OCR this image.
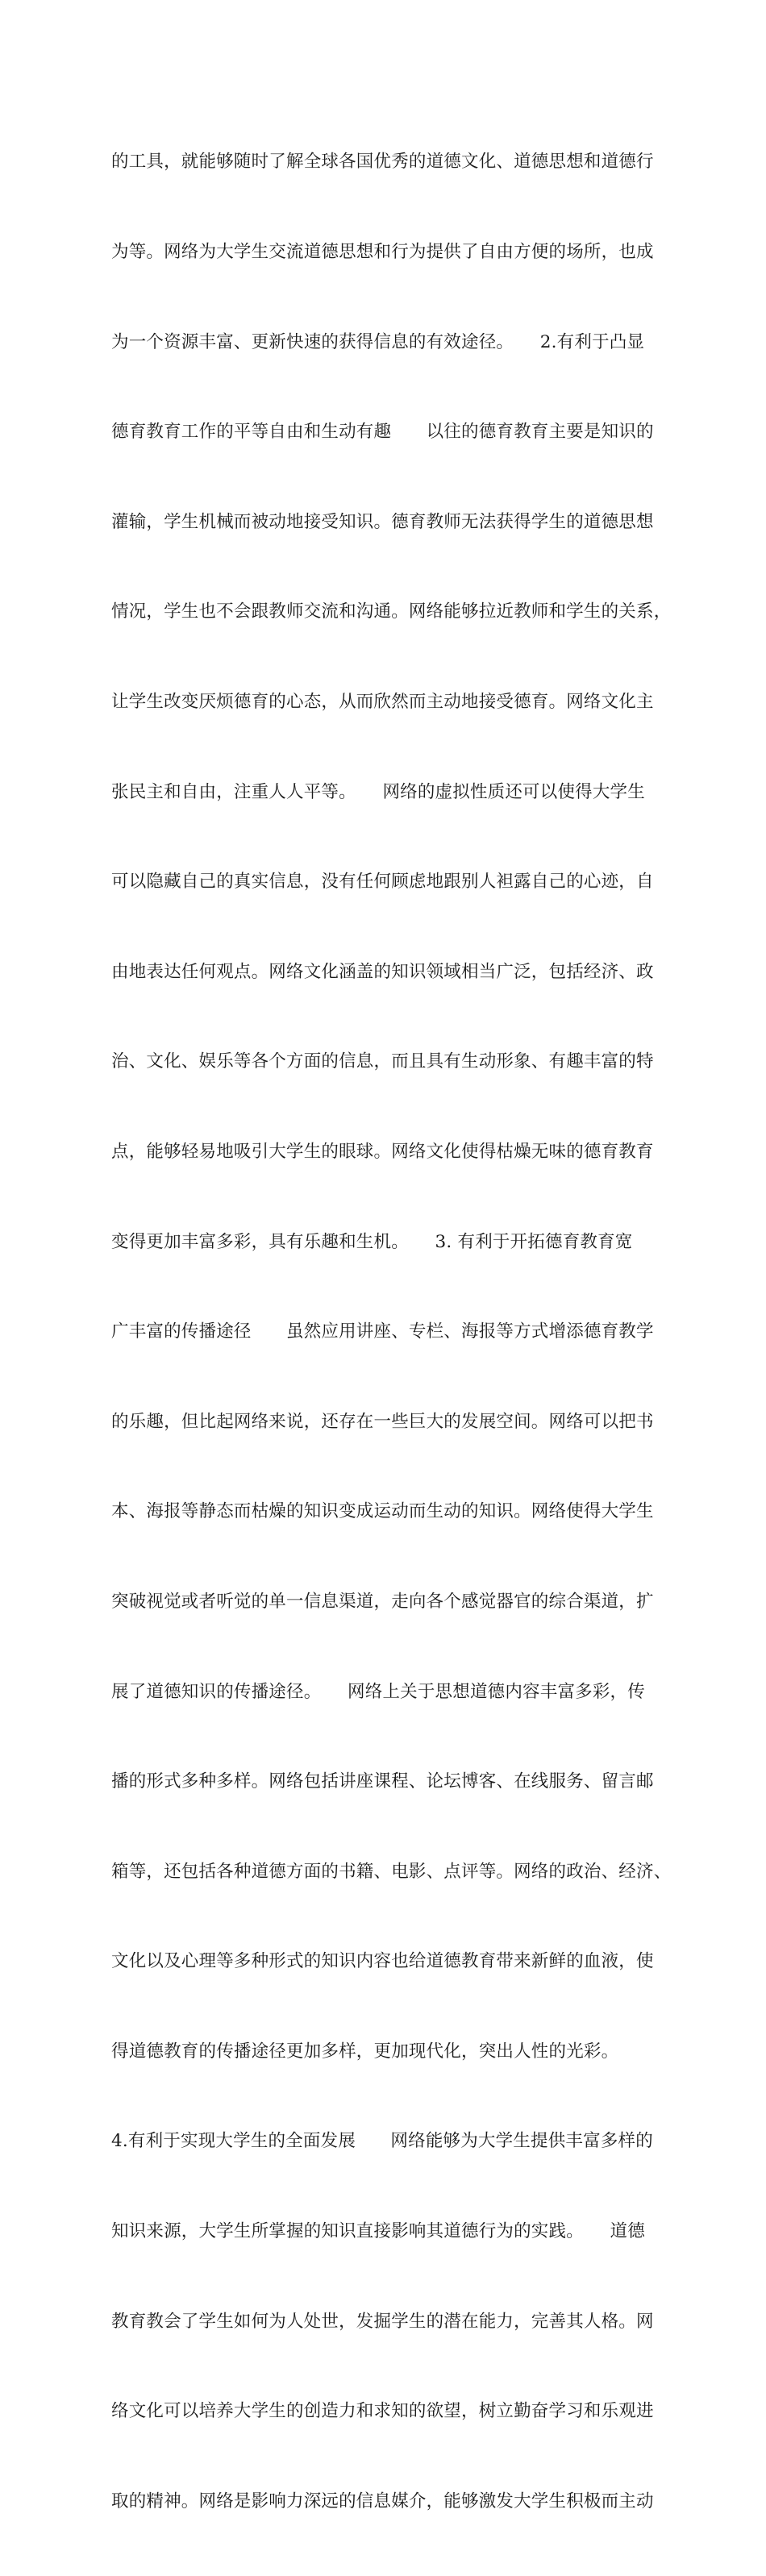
的工具，就能够随时了解全球各国优秀的道德文化、道德思想和道德行

为等。网络为大学生交流道德思想和行为提供了自由方便的场所，也成

为一个资源丰富、更新快速的获得信息的有效途径。　　2.有利于凸显

德育教育工作的平等自由和生动有趣　　以往的德育教育主要是知识的

灌输，学生机械而被动地接受知识。德育教师无法获得学生的道德思想

情况，学生也不会跟教师交流和沟通。网络能够拉近教师和学生的关系，

让学生改变厌烦德育的心态，从而欣然而主动地接受德育。网络文化主

张民主和自由，注重人人平等。　　网络的虚拟性质还可以使得大学生

可以隐藏自己的真实信息，没有任何顾虑地跟别人袒露自己的心迹，自

由地表达任何观点。网络文化涵盖的知识领域相当广泛，包括经济、政

治、文化、娱乐等各个方面的信息，而且具有生动形象、有趣丰富的特

点，能够轻易地吸引大学生的眼球。网络文化使得枯燥无味的德育教育

变得更加丰富多彩，具有乐趣和生机。　　3. 有利于开拓德育教育宽

广丰富的传播途径　　虽然应用讲座、专栏、海报等方式增添德育教学

的乐趣，但比起网络来说，还存在一些巨大的发展空间。网络可以把书

本、海报等静态而枯燥的知识变成运动而生动的知识。网络使得大学生

突破视觉或者听觉的单一信息渠道，走向各个感觉器官的综合渠道，扩

展了道德知识的传播途径。　　网络上关于思想道德内容丰富多彩，传

播的形式多种多样。网络包括讲座课程、论坛博客、在线服务、留言邮

箱等，还包括各种道德方面的书籍、电影、点评等。网络的政治、经济、

文化以及心理等多种形式的知识内容也给道德教育带来新鲜的血液，使

得道德教育的传播途径更加多样，更加现代化，突出人性的光彩。

4.有利于实现大学生的全面发展　　网络能够为大学生提供丰富多样的

知识来源，大学生所掌握的知识直接影响其道德行为的实践。　　道德

教育教会了学生如何为人处世，发掘学生的潜在能力，完善其人格。网

络文化可以培养大学生的创造力和求知的欲望，树立勤奋学习和乐观进

取的精神。网络是影响力深远的信息媒介，能够激发大学生积极而主动
